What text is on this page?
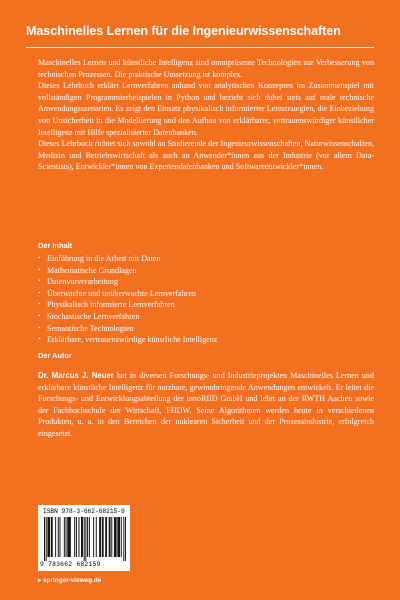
Maschinelles Lernen für die Ingenieurwissenschaften

Maschinelles Lernen und künstliche Intelligenz sind omnipräsente Technologien zur Verbesserung von technischen Prozessen. Die praktische Umsetzung ist komplex.

Dieses Lehrbuch erklärt Lernverfahren anhand von analytischen Konzepten im Zusammenspiel mit vollständigen Programmierbeispielen in Python und bezieht sich dabei stets auf reale technische Anwendungsszenarien. Es zeigt den Einsatz physikalisch informierter Lernstrategien, die Einbeziehung von Unsicherheit in die Modellierung und den Aufbau von erklärbarer, vertrauenswürdiger künstlicher Intelligenz mit Hilfe spezialisierter Datenbanken.

Dieses Lehrbuch richtet sich sowohl an Studierende der Ingenieurwissenschaften, Naturwissenschaften, Medizin und Betriebswirtschaft als auch an Anwender*innen aus der Industrie (vor allem Data-Scientists), Entwickler*innen von Expertendatenbanken und Softwareentwickler*innen.

Der Inhalt
• Einführung in die Arbeit mit Daten
• Mathematische Grundlagen
• Datenvorverarbeitung
• Überwachte und unüberwachte Lernverfahren
• Physikalisch informierte Lernverfahren
• Stochastische Lernverfahren
• Semantische Technologien
• Erklärbare, vertrauenswürdige künstliche Intelligenz
Der Autor

Dr. Marcus J. Neuer hat in diversen Forschungs- und Industrieprojekten Maschinelles Lernen und erklärbare künstliche Intelligenz für nutzbare, gewinnbringende Anwendungen entwickelt. Er leitet die Forschungs- und Entwicklungsabteilung der innoRIID GmbH und lehrt an der RWTH Aachen sowie der Fachhochschule der Wirtschaft, FHDW. Seine Algorithmen werden heute in verschiedenen Produkten, u. a. in den Bereichen der nuklearen Sicherheit und der Prozessindustrie, erfolgreich eingesetzt.

ISBN 978-3-662-68215-9
9 783662 682159
▸ springer-vieweg.de
